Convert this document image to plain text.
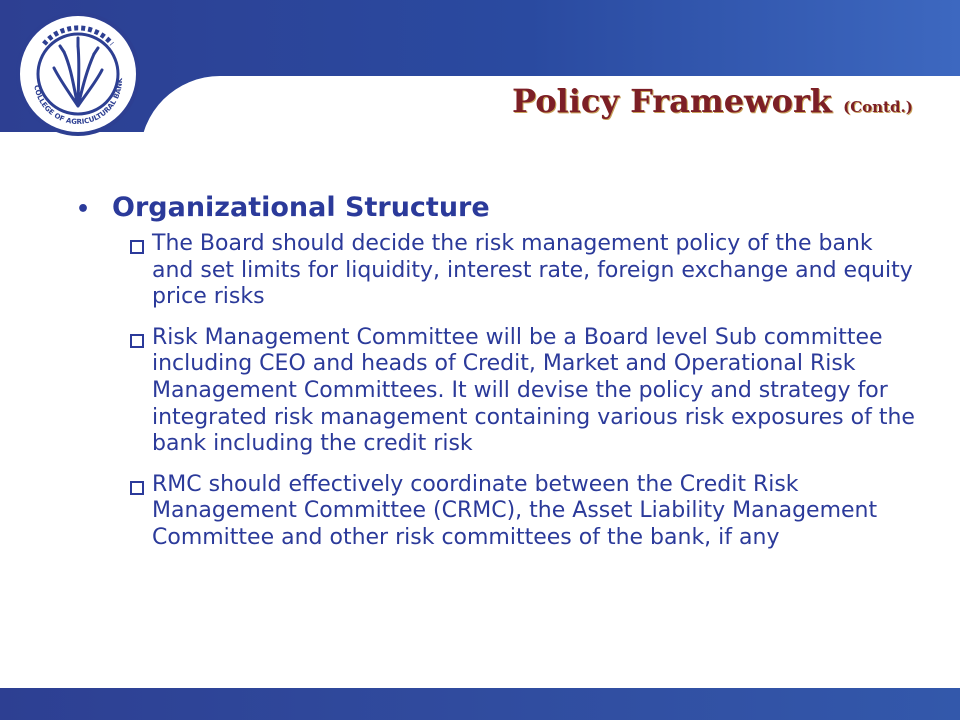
COLLEGE OF AGRICULTURAL BANK
Policy Framework (Contd.)
• Organizational Structure
The Board should decide the risk management policy of the bank and set limits for liquidity, interest rate, foreign exchange and equity price risks
Risk Management Committee will be a Board level Sub committee including CEO and heads of Credit, Market and Operational Risk Management Committees. It will devise the policy and strategy for integrated risk management containing various risk exposures of the bank including the credit risk
RMC should effectively coordinate between the Credit Risk Management Committee (CRMC), the Asset Liability Management Committee and other risk committees of the bank, if any
